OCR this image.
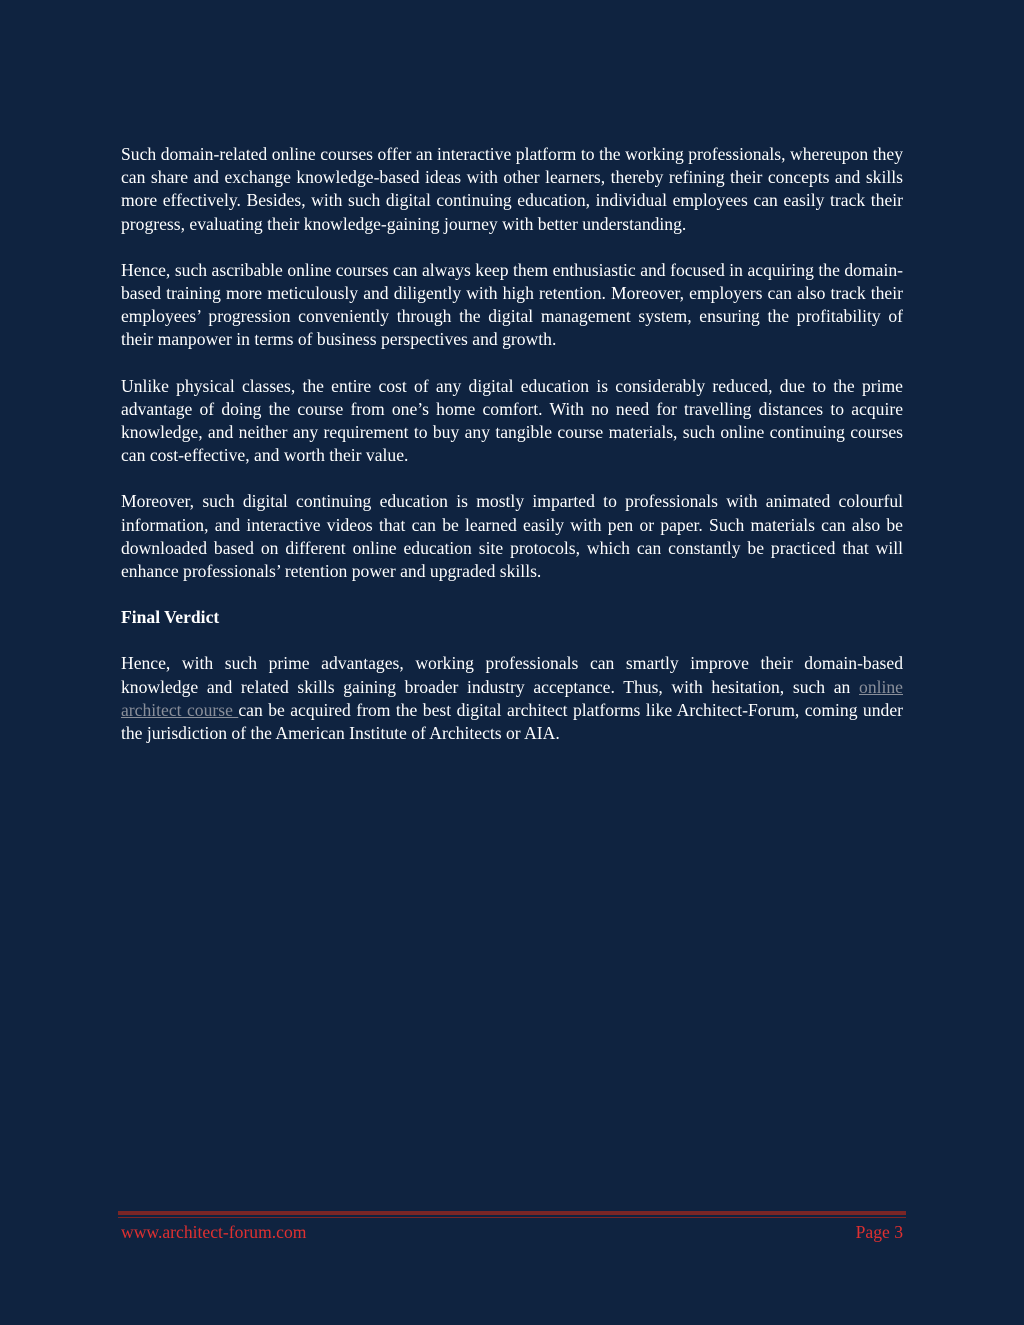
Such domain-related online courses offer an interactive platform to the working professionals, whereupon they can share and exchange knowledge-based ideas with other learners, thereby refining their concepts and skills more effectively. Besides, with such digital continuing education, individual employees can easily track their progress, evaluating their knowledge-gaining journey with better understanding.

Hence, such ascribable online courses can always keep them enthusiastic and focused in acquiring the domain-based training more meticulously and diligently with high retention. Moreover, employers can also track their employees’ progression conveniently through the digital management system, ensuring the profitability of their manpower in terms of business perspectives and growth.

Unlike physical classes, the entire cost of any digital education is considerably reduced, due to the prime advantage of doing the course from one’s home comfort. With no need for travelling distances to acquire knowledge, and neither any requirement to buy any tangible course materials, such online continuing courses can cost-effective, and worth their value.

Moreover, such digital continuing education is mostly imparted to professionals with animated colourful information, and interactive videos that can be learned easily with pen or paper. Such materials can also be downloaded based on different online education site protocols, which can constantly be practiced that will enhance professionals’ retention power and upgraded skills.

Final Verdict

Hence, with such prime advantages, working professionals can smartly improve their domain-based knowledge and related skills gaining broader industry acceptance. Thus, with hesitation, such an online architect course can be acquired from the best digital architect platforms like Architect-Forum, coming under the jurisdiction of the American Institute of Architects or AIA.

www.architect-forum.com	Page 3
